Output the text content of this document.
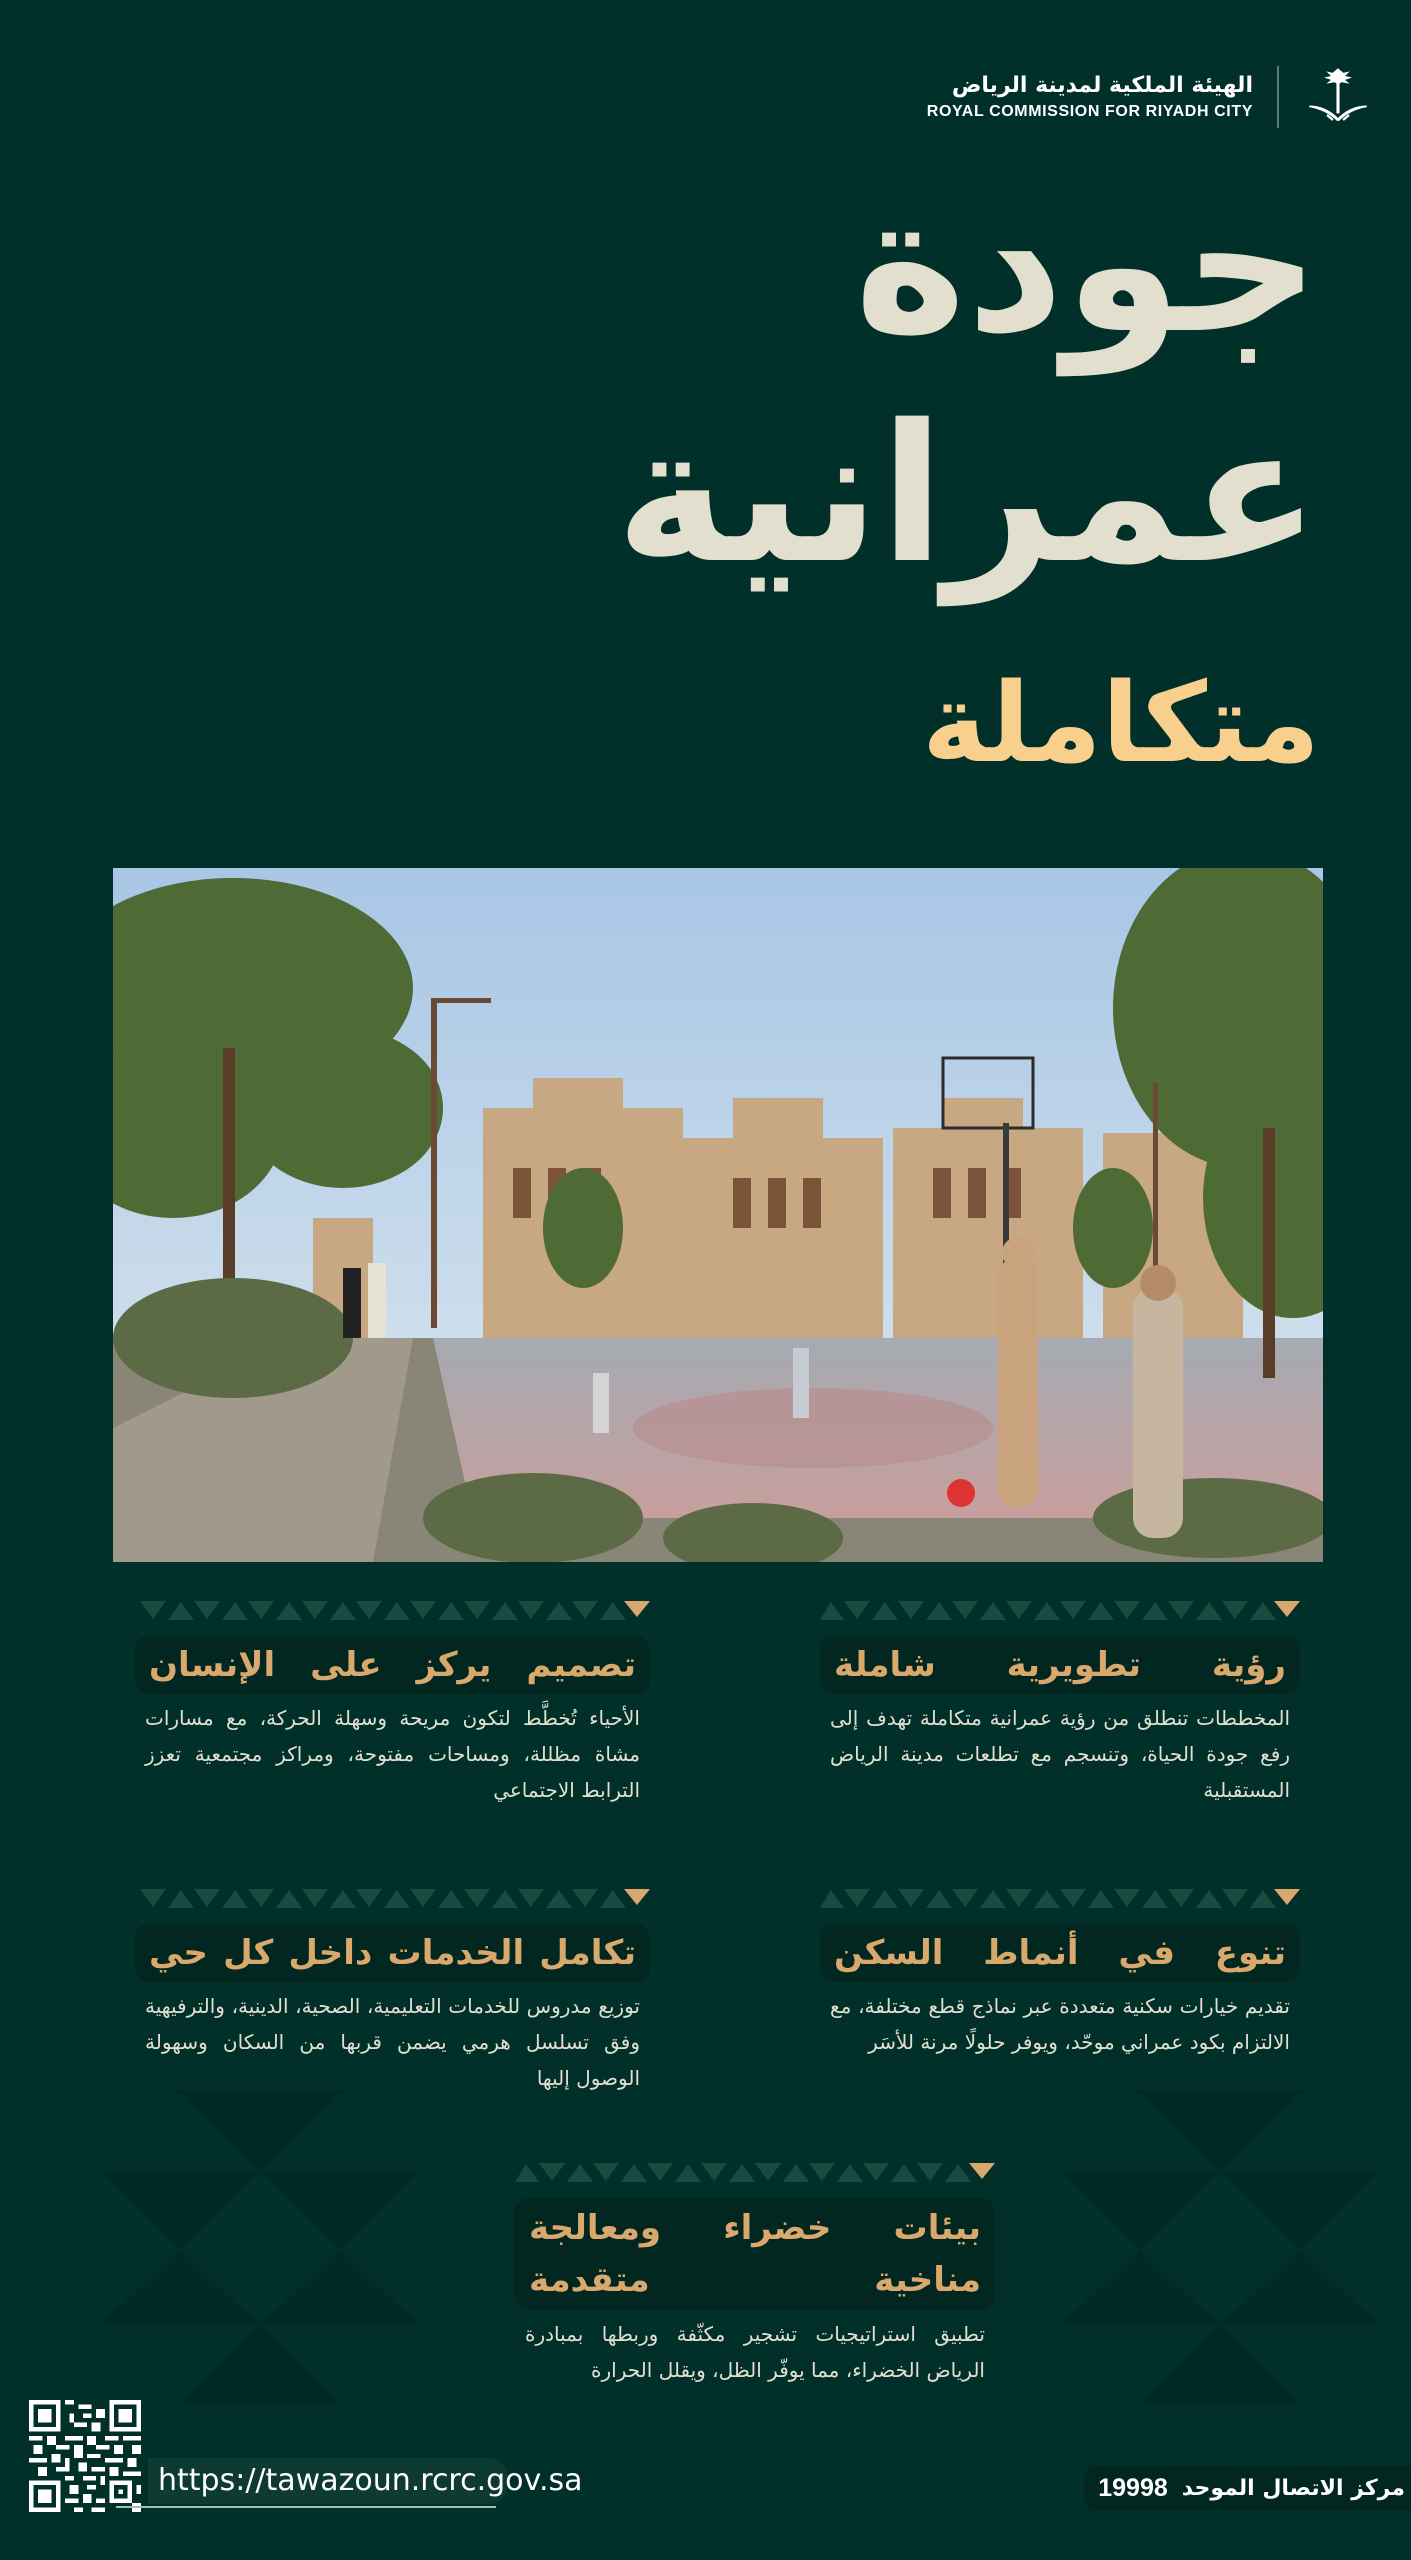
الهيئة الملكية لمدينة الرياض
ROYAL COMMISSION FOR RIYADH CITY
جودة
عمرانية
متكاملة
رؤية تطويرية شاملة
المخططات تنطلق من رؤية عمرانية متكاملة تهدف إلى رفع جودة الحياة، وتنسجم مع تطلعات مدينة الرياض المستقبلية
تصميم يركز على الإنسان
الأحياء تُخطَّط لتكون مريحة وسهلة الحركة، مع مسارات مشاة مظللة، ومساحات مفتوحة، ومراكز مجتمعية تعزز الترابط الاجتماعي
تنوع في أنماط السكن
تقديم خيارات سكنية متعددة عبر نماذج قطع مختلفة، مع الالتزام بكود عمراني موحّد، ويوفر حلولًا مرنة للأسَر
تكامل الخدمات داخل كل حي
توزيع مدروس للخدمات التعليمية، الصحية، الدينية، والترفيهية وفق تسلسل هرمي يضمن قربها من السكان وسهولة الوصول إليها
بيئات خضراء ومعالجة مناخية متقدمة
تطبيق استراتيجيات تشجير مكثّفة وربطها بمبادرة الرياض الخضراء، مما يوفّر الظل، ويقلل الحرارة
https://tawazoun.rcrc.gov.sa	مركز الاتصال الموحد
19998
